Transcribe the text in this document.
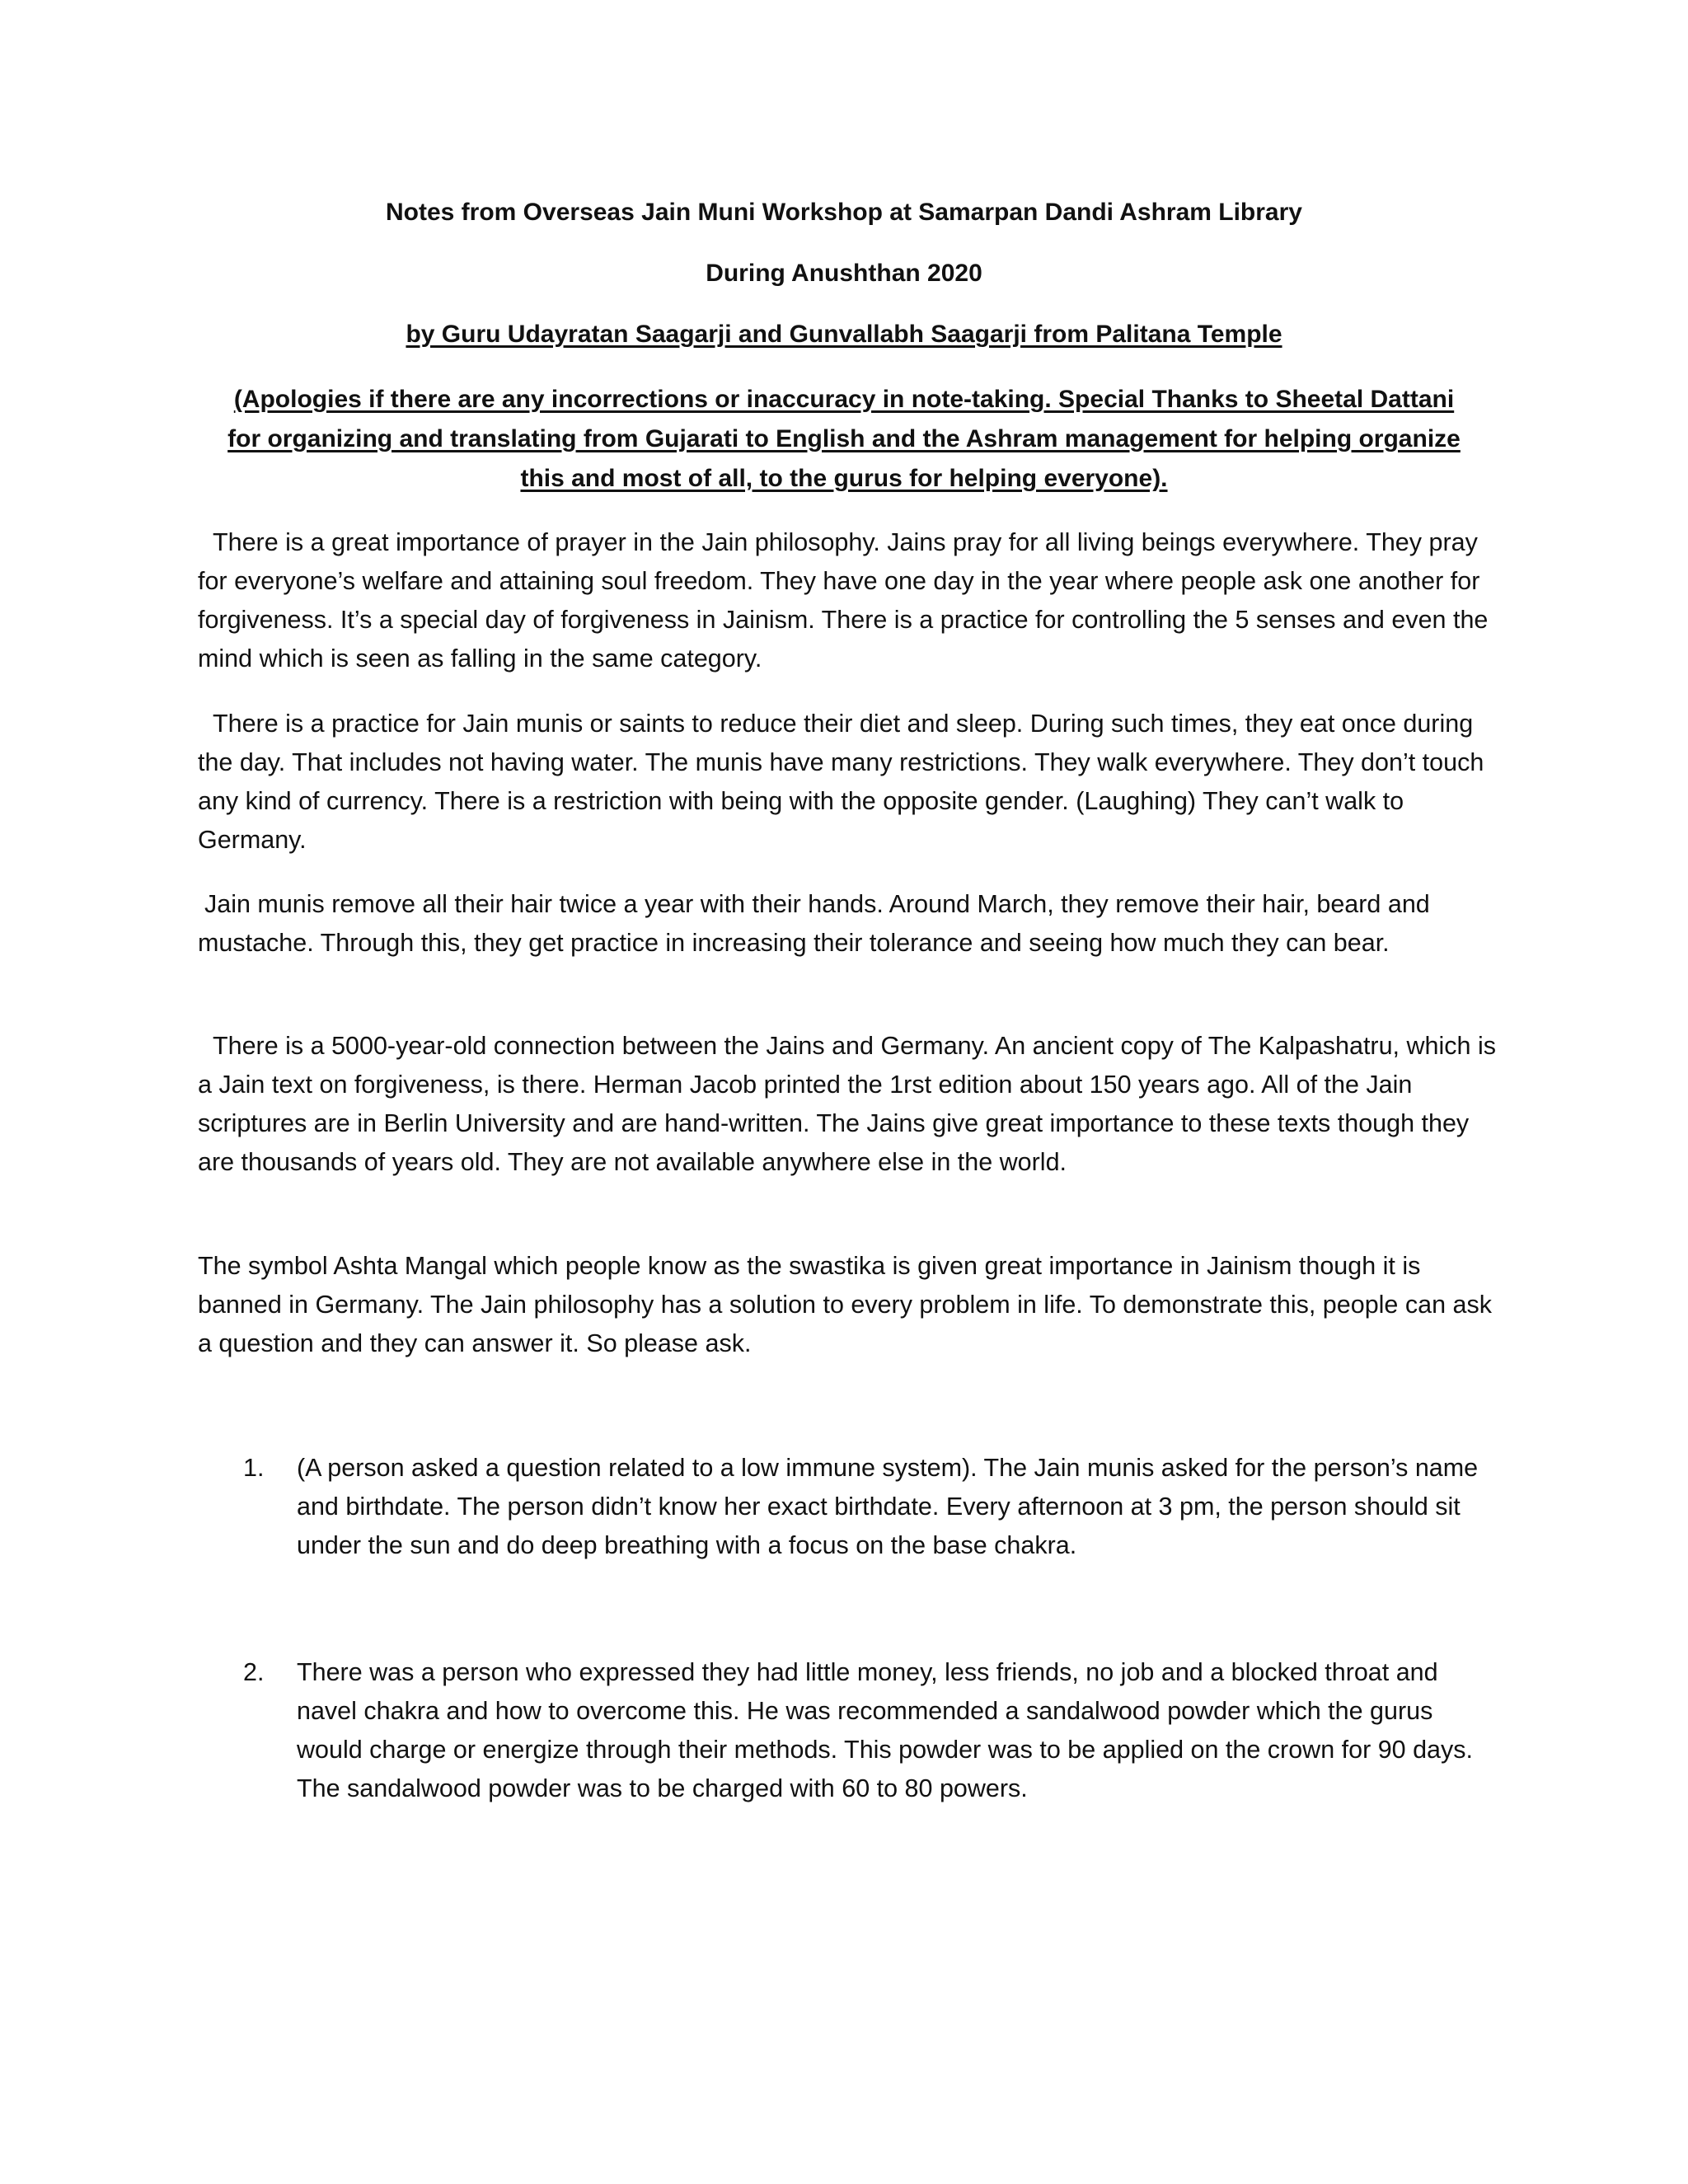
Notes from Overseas Jain Muni Workshop at Samarpan Dandi Ashram Library

During Anushthan 2020

by Guru Udayratan Saagarji and Gunvallabh Saagarji from Palitana Temple

(Apologies if there are any incorrections or inaccuracy in note-taking. Special Thanks to Sheetal Dattani for organizing and translating from Gujarati to English and the Ashram management for helping organize this and most of all, to the gurus for helping everyone).

There is a great importance of prayer in the Jain philosophy. Jains pray for all living beings everywhere. They pray for everyone’s welfare and attaining soul freedom. They have one day in the year where people ask one another for forgiveness. It’s a special day of forgiveness in Jainism. There is a practice for controlling the 5 senses and even the mind which is seen as falling in the same category.

There is a practice for Jain munis or saints to reduce their diet and sleep. During such times, they eat once during the day. That includes not having water. The munis have many restrictions. They walk everywhere. They don’t touch any kind of currency. There is a restriction with being with the opposite gender. (Laughing) They can’t walk to Germany.

Jain munis remove all their hair twice a year with their hands. Around March, they remove their hair, beard and mustache. Through this, they get practice in increasing their tolerance and seeing how much they can bear.

There is a 5000-year-old connection between the Jains and Germany. An ancient copy of The Kalpashatru, which is a Jain text on forgiveness, is there. Herman Jacob printed the 1rst edition about 150 years ago. All of the Jain scriptures are in Berlin University and are hand-written. The Jains give great importance to these texts though they are thousands of years old. They are not available anywhere else in the world.

The symbol Ashta Mangal which people know as the swastika is given great importance in Jainism though it is banned in Germany. The Jain philosophy has a solution to every problem in life. To demonstrate this, people can ask a question and they can answer it. So please ask.

1.	(A person asked a question related to a low immune system). The Jain munis asked for the person’s name and birthdate. The person didn’t know her exact birthdate. Every afternoon at 3 pm, the person should sit under the sun and do deep breathing with a focus on the base chakra.
2.	There was a person who expressed they had little money, less friends, no job and a blocked throat and navel chakra and how to overcome this. He was recommended a sandalwood powder which the gurus would charge or energize through their methods. This powder was to be applied on the crown for 90 days. The sandalwood powder was to be charged with 60 to 80 powers.
